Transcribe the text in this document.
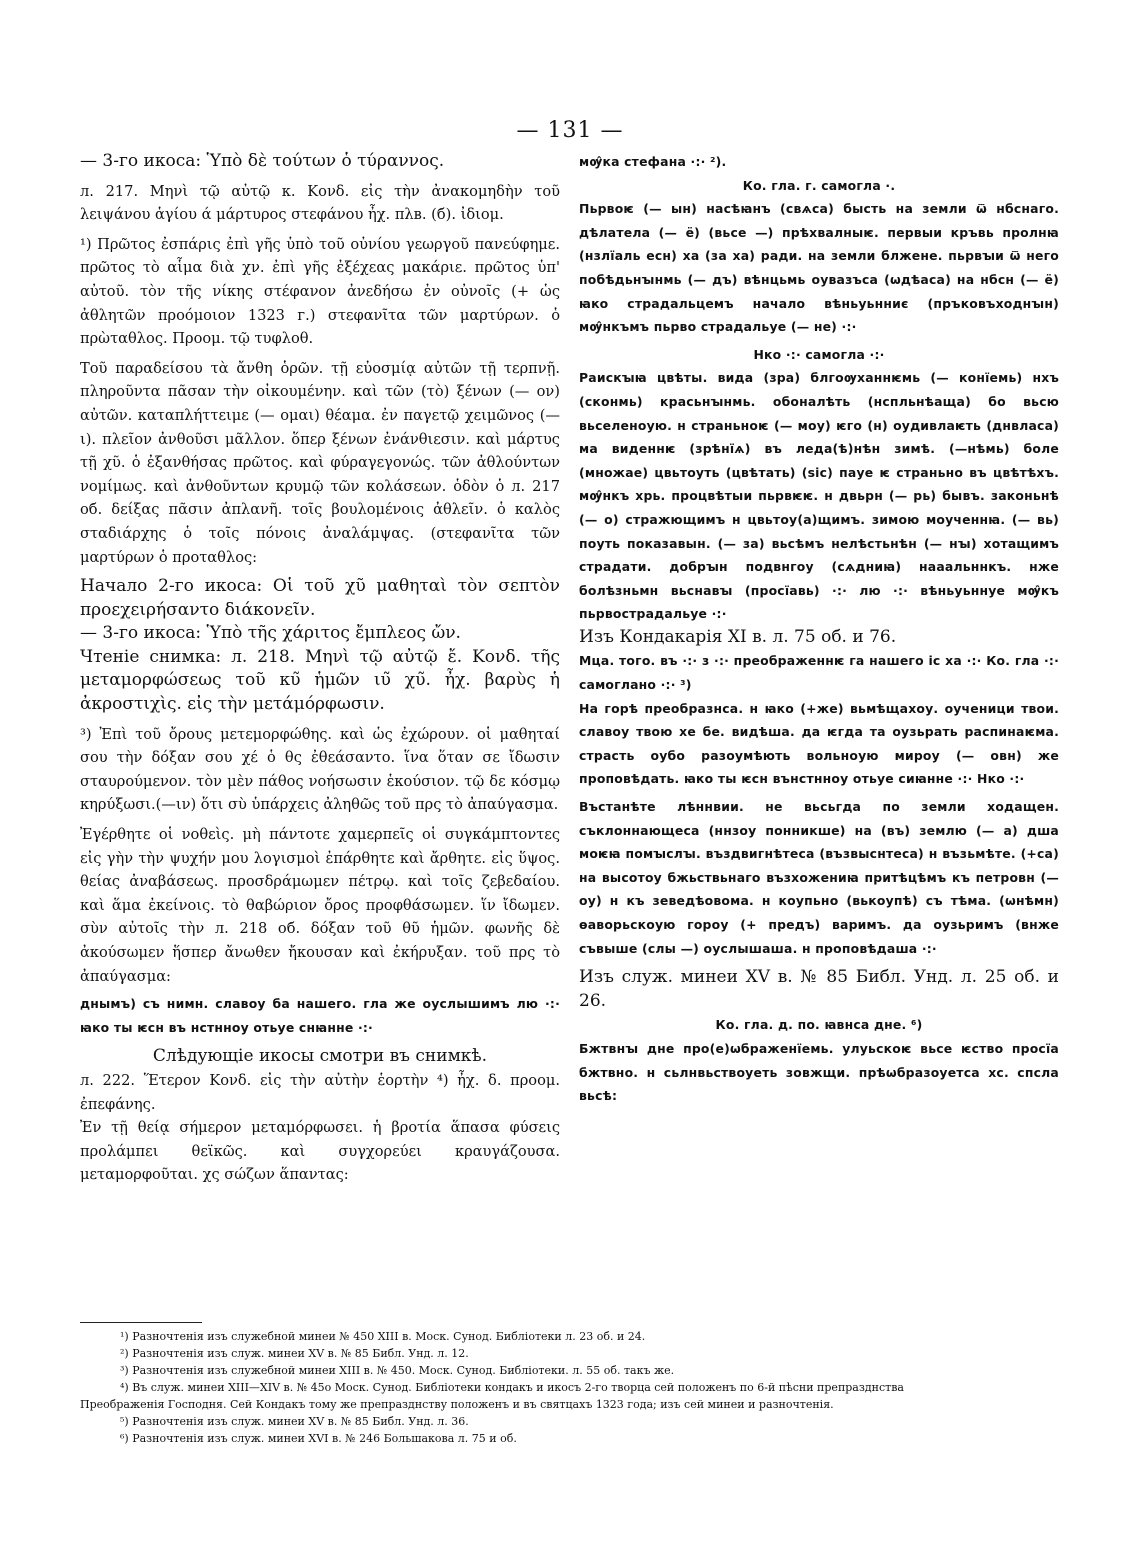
— 131 —

— 3-го икоса: Ὑπὸ δὲ τούτων ὁ τύραννος.

л. 217. Μηνὶ τῷ αὐτῷ κ. Κονδ. εἰς τὴν ἀνακομηδὴν τοῦ λειψάνου ἁγίου ά μάρτυρος στεφάνου ἦχ. πλв. (б). ἰδιομ.

¹) Πρῶτος ἐσπάρις ἐπὶ γῆς ὑπὸ τοῦ οὐνίου γεωργοῦ πανεύφημε. πρῶτος τὸ αἷμα διὰ χν. ἐπὶ γῆς ἐξέχεας μακάριε. πρῶτος ὑπ' αὐτοῦ. τὸν τῆς νίκης στέφανον ἀνεδήσω ἐν οὐνοῖς (+ ὡς ἀθλητῶν προόμοιον 1323 г.) στεφανῖτα τῶν μαρτύρων. ὁ πρὼταθλος. Προομ. τῷ τυφλοθ.

Τοῦ παραδείσου τὰ ἄνθη ὁρῶν. τῇ εὐοσμίᾳ αὐτῶν τῇ τερπνῇ. πληροῦντα πᾶσαν τὴν οἰκουμένην. καὶ τῶν (τὸ) ξένων (— ον) αὐτῶν. καταπλήττειμε (— ομαι) θέαμα. ἐν παγετῷ χειμῶνος (— ι). πλεῖον ἀνθοῦσι μᾶλλον. ὅπερ ξένων ἐνάνθιεσιν. καὶ μάρτυς τῇ χῦ. ὁ ἐξανθήσας πρῶτος. καὶ φύραγεγονώς. τῶν ἀθλούντων νομίμως. καὶ ἀνθοῦντων κρυμῷ τῶν κολάσεων. ὁδὸν ὁ л. 217 об. δείξας πᾶσιν ἀπλανῆ. τοῖς βουλομένοις ἀθλεῖν. ὁ καλὸς σταδιάρχης ὁ τοῖς πόνοις ἀναλάμψας. (στεφανῖτα τῶν μαρτύρων ὁ προταθλος:

Начало 2-го икоса: Οἱ τοῦ χῦ μαθηταὶ τὸν σεπτὸν προεχειρήσαντο διάκονεῖν.

— 3-го икоса: Ὑπὸ τῆς χάριτος ἔμπλεος ὤν.

Чтеніе снимка: л. 218. Μηνὶ τῷ αὐτῷ ἔ. Κονδ. τῆς μεταμορφώσεως τοῦ κυ̃ ἡμῶν ιυ̃ χυ̃. ἦχ. βαρὺς ἡ ἀκροστιχὶς. εἰς τὴν μετάμόρφωσιν.

³) Ἐπὶ τοῦ ὄρους μετεμορφώθης. καὶ ὡς ἐχώρουν. οἱ μαθηταί σου τὴν δόξαν σου χέ ὁ θς ἐθεάσαντο. ἵνα ὅταν σε ἴδωσιν σταυρούμενον. τὸν μὲν πάθος νοήσωσιν ἑκούσιον. τῷ δε κόσμῳ κηρύξωσι.(—ιν) ὅτι σὺ ὑπάρχεις ἀληθῶς τοῦ πρς τὸ ἀπαύγασμα.

Ἐγέρθητε οἱ νοθεὶς. μὴ πάντοτε χαμερπεῖς οἱ συγκάμπτοντες εἰς γὴν τὴν ψυχήν μου λογισμοὶ ἐπάρθητε καὶ ἄρθητε. εἰς ὕψος. θείας ἀναβάσεως. προσδράμωμεν πέτρῳ. καὶ τοῖς ζεβεδαίου. καὶ ἅμα ἐκείνοις. τὸ θαβώριον ὄρος προφθάσωμεν. ἵν ἴδωμεν. σὺν αὐτοῖς τὴν л. 218 об. δόξαν τοῦ θῦ ἡμῶν. φωνῆς δὲ ἀκούσωμεν ἥσπερ ἄνωθεν ἤκουσαν καὶ ἐκήρυξαν. τοῦ πρς τὸ ἀπαύγασμα:

днымъ) съ нимн. славоу ба нашего. гла же оуслышимъ лю ·:· ꙗко ты ѥсн въ нстнноу отьуе снꙗнне ·:·

Слѣдующіе икосы смотри въ снимкѣ.

л. 222. Ἕτερον Κονδ. εἰς τὴν αὐτὴν ἑορτὴν ⁴) ἦχ. δ. προομ. ἐπεφάνης.

Ἐν τῇ θείᾳ σήμερον μεταμόρφωσει. ἡ βροτία ἅπασα φύσεις προλάμπει θεϊκῶς. καὶ συγχορεύει κραυγάζουσα. μεταμορφοῦται. χς σώζων ἅπαντας:

мѹ̂ка стефана ·:· ²).

Ко. гла. г. самогла ·.

Пьрвоѥ (— ын) насѣꙗнъ (свѧса) бысть на земли ѿ нбснаго. дѣлатела (— ё) (вьсе —) прѣхвалныѥ. первыи кръвь пролнꙗ (нзлїаль есн) ха (за ха) ради. на земли блжене. пьрвꙑи ѿ него побѣдьнꙑнмь (— дъ) вѣнцьмь оувазъса (ѡдѣаса) на нбсн (— ё) ꙗко страдальцемъ начало вѣньуьнниє (пръковъходнꙑн) мѹ̂нкъмъ пьрво страдальуе (— не) ·:·

Нко ·:· самогла ·:·

Раискꙑꙗ цвѣты. вида (зра) блгоѹханнѥмь (— конїемь) нхъ (сконмь) красьнꙑнмь. обоналѣть (нспльнѣаща) бо вьсю вьселеноую. н страньноѥ (— моу) ѥго (н) оудивлаѥть (днвласа) ма виденнѥ (зрѣнїѧ) въ леда(ѣ)нѣн зимѣ. (—нѣмь) боле (множае) цвьтоуть (цвѣтать) (sic) пауе ѥ страньно въ цвѣтѣхъ. мѹ̂нкъ хрь. процвѣтыи пьрвѥѥ. н двьрн (— рь) бывъ. законьнѣ (— о) стражющимъ н цвьтоу(а)щимъ. зимою моученнꙗ. (— вь) поуть показавын. (— за) вьсѣмъ нелѣстьнѣн (— нꙑ) хотащимъ страдати. добрꙑн подвнгоу (сѧдниꙗ) нааальннкъ. нже болѣзньмн вьснавꙑ (просїавь) ·:· лю ·:· вѣньуьннуе мѹ̂къ пьрвострадальуе ·:·

Изъ Кондакарія XI в. л. 75 об. и 76.

Мца. того. въ ·:· з ·:· преображеннѥ га нашего ic ха ·:· Ко. гла ·:· самоглано ·:· ³)

На горѣ преобразнса. н ꙗко (+же) вьмѣщахоу. оученици твои. славоу твою хе бе. видѣша. да ѥгда та оузьрать распинаѥма. страсть оубо разоумѣють вольноую мироу (— овн) же проповѣдать. ꙗко ты ѥсн вънстнноу отьуе сиꙗнне ·:· Нко ·:·

Въстанѣте лѣннвии. не вьсьгда по земли ходащен. съклоннающеса (ннзоу понникше) на (въ) землю (— а) дша моѥꙗ помꙑслꙑ. въздвигнѣтеса (възвыснтеса) н възьмѣте. (+са) на высотоу бжьствьнаго възхожениꙗ притѣцѣмъ къ петровн (— оу) н къ зеведѣовома. н коупьно (вькоупѣ) съ тѣма. (ѡнѣмн) ѳаворьскоую гороу (+ предъ) варимъ. да оузьримъ (внже съвыше (слы —) оуслышаша. н проповѣдаша ·:·

Изъ служ. минеи XV в. № 85 Библ. Унд. л. 25 об. и 26.

Ко. гла. д. по. ꙗвнса дне. ⁶)

Бжтвнꙑ дне про(е)ѡбраженїемь. улуьскоѥ вьсе ѥство просїа бжтвно. н сьлнвьствоуеть зовжщи. прѣѡбразоуетса хс. спсла вьсѣ:

¹) Разночтенія изъ служебной минеи № 450 XIII в. Моск. Сунод. Библіотеки л. 23 об. и 24.

²) Разночтенія изъ служ. минеи XV в. № 85 Библ. Унд. л. 12.

³) Разночтенія изъ служебной минеи XIII в. № 450. Моск. Сунод. Библіотеки. л. 55 об. такъ же.

⁴) Въ служ. минеи XIII—XIV в. № 45о Моск. Сунод. Библіотеки кондакъ и икосъ 2-го творца сей положенъ по 6-й пѣсни препразднства

Преображенія Господня. Сей Кондакъ тому же препразднству положенъ и въ святцахъ 1323 года; изъ сей минеи и разночтенія.

⁵) Разночтенія изъ служ. минеи XV в. № 85 Библ. Унд. л. 36.

⁶) Разночтенія изъ служ. минеи XVI в. № 246 Большакова л. 75 и об.
